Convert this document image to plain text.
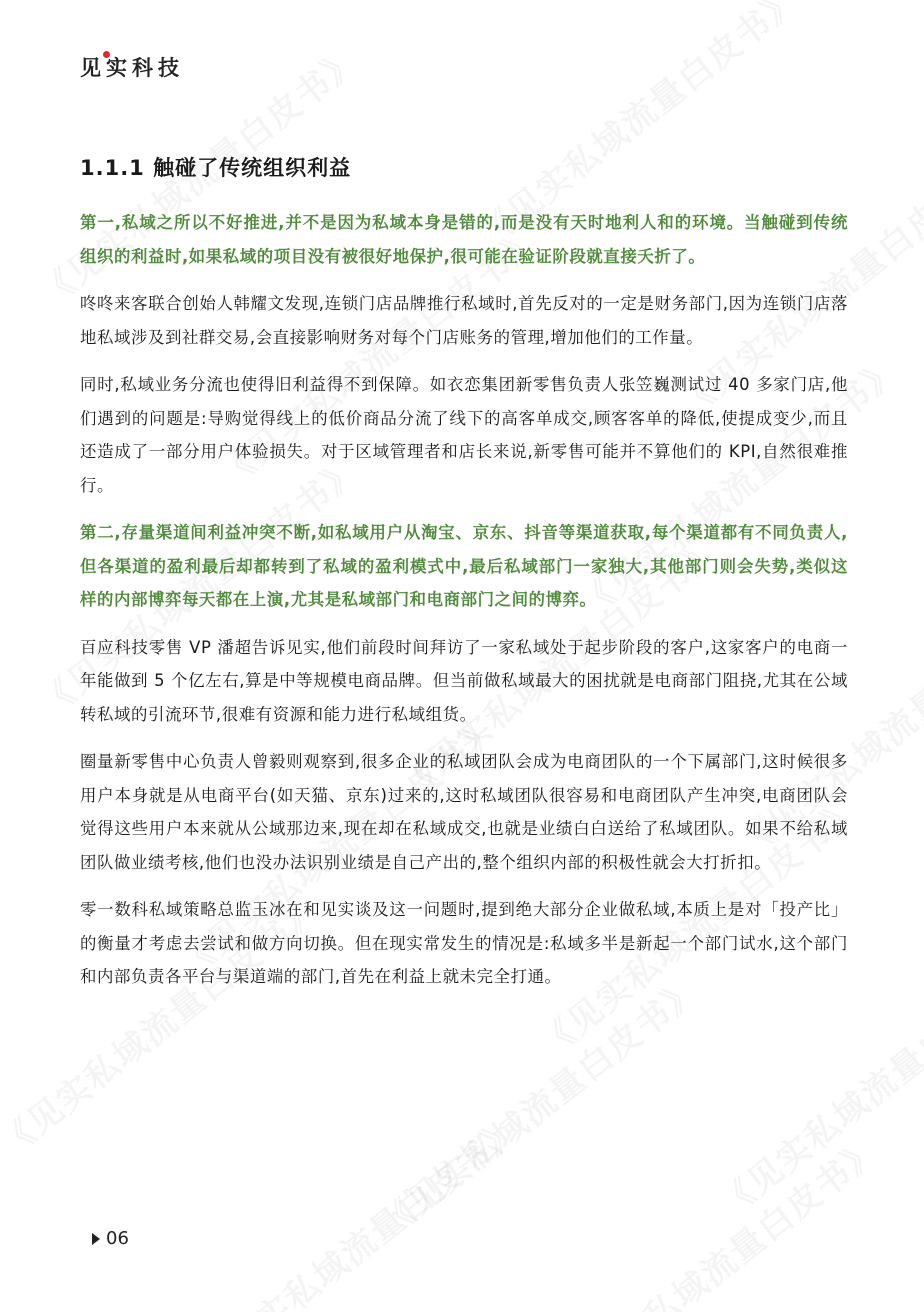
见实科技
1.1.1 触碰了传统组织利益

第一,私域之所以不好推进,并不是因为私域本身是错的,而是没有天时地利人和的环境。当触碰到传统组织的利益时,如果私域的项目没有被很好地保护,很可能在验证阶段就直接夭折了。

咚咚来客联合创始人韩耀文发现,连锁门店品牌推行私域时,首先反对的一定是财务部门,因为连锁门店落地私域涉及到社群交易,会直接影响财务对每个门店账务的管理,增加他们的工作量。

同时,私域业务分流也使得旧利益得不到保障。如衣恋集团新零售负责人张笠巍测试过 40 多家门店,他们遇到的问题是:导购觉得线上的低价商品分流了线下的高客单成交,顾客客单的降低,使提成变少,而且还造成了一部分用户体验损失。对于区域管理者和店长来说,新零售可能并不算他们的 KPI,自然很难推行。

第二,存量渠道间利益冲突不断,如私域用户从淘宝、京东、抖音等渠道获取,每个渠道都有不同负责人,但各渠道的盈利最后却都转到了私域的盈利模式中,最后私域部门一家独大,其他部门则会失势,类似这样的内部博弈每天都在上演,尤其是私域部门和电商部门之间的博弈。

百应科技零售 VP 潘超告诉见实,他们前段时间拜访了一家私域处于起步阶段的客户,这家客户的电商一年能做到 5 个亿左右,算是中等规模电商品牌。但当前做私域最大的困扰就是电商部门阻挠,尤其在公域转私域的引流环节,很难有资源和能力进行私域组货。

圈量新零售中心负责人曾毅则观察到,很多企业的私域团队会成为电商团队的一个下属部门,这时候很多用户本身就是从电商平台(如天猫、京东)过来的,这时私域团队很容易和电商团队产生冲突,电商团队会觉得这些用户本来就从公域那边来,现在却在私域成交,也就是业绩白白送给了私域团队。如果不给私域团队做业绩考核,他们也没办法识别业绩是自己产出的,整个组织内部的积极性就会大打折扣。

零一数科私域策略总监玉冰在和见实谈及这一问题时,提到绝大部分企业做私域,本质上是对「投产比」的衡量才考虑去尝试和做方向切换。但在现实常发生的情况是:私域多半是新起一个部门试水,这个部门和内部负责各平台与渠道端的部门,首先在利益上就未完全打通。

06
